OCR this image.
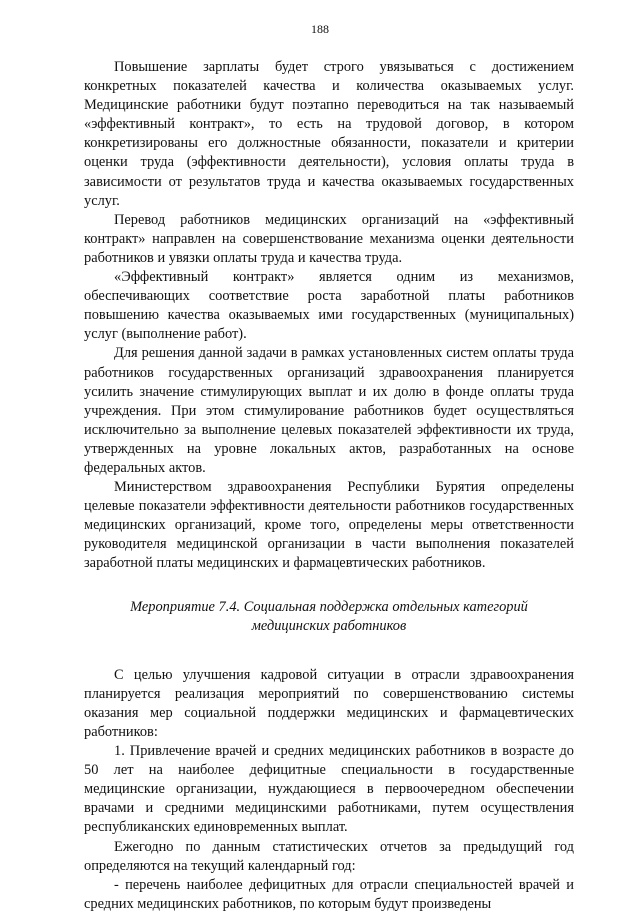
188

Повышение зарплаты будет строго увязываться с достижением конкретных показателей качества и количества оказываемых услуг. Медицинские работники будут поэтапно переводиться на так называемый «эффективный контракт», то есть на трудовой договор, в котором конкретизированы его должностные обязанности, показатели и критерии оценки труда (эффективности деятельности), условия оплаты труда в зависимости от результатов труда и качества оказываемых государственных услуг.

Перевод работников медицинских организаций на «эффективный контракт» направлен на совершенствование механизма оценки деятельности работников и увязки оплаты труда и качества труда.

«Эффективный контракт» является одним из механизмов, обеспечивающих соответствие роста заработной платы работников повышению качества оказываемых ими государственных (муниципальных) услуг (выполнение работ).

Для решения данной задачи в рамках установленных систем оплаты труда работников государственных организаций здравоохранения планируется усилить значение стимулирующих выплат и их долю в фонде оплаты труда учреждения. При этом стимулирование работников будет осуществляться исключительно за выполнение целевых показателей эффективности их труда, утвержденных на уровне локальных актов, разработанных на основе федеральных актов.

Министерством здравоохранения Республики Бурятия определены целевые показатели эффективности деятельности работников государственных медицинских организаций, кроме того, определены меры ответственности руководителя медицинской организации в части выполнения показателей заработной платы медицинских и фармацевтических работников.

Мероприятие 7.4. Социальная поддержка отдельных категорий
медицинских работников

С целью улучшения кадровой ситуации в отрасли здравоохранения планируется реализация мероприятий по совершенствованию системы оказания мер социальной поддержки медицинских и фармацевтических работников:

1. Привлечение врачей и средних медицинских работников в возрасте до 50 лет на наиболее дефицитные специальности в государственные медицинские организации, нуждающиеся в первоочередном обеспечении врачами и средними медицинскими работниками, путем осуществления республиканских единовременных выплат.

Ежегодно по данным статистических отчетов за предыдущий год определяются на текущий календарный год:

- перечень наиболее дефицитных для отрасли специальностей врачей и средних медицинских работников, по которым будут произведены
